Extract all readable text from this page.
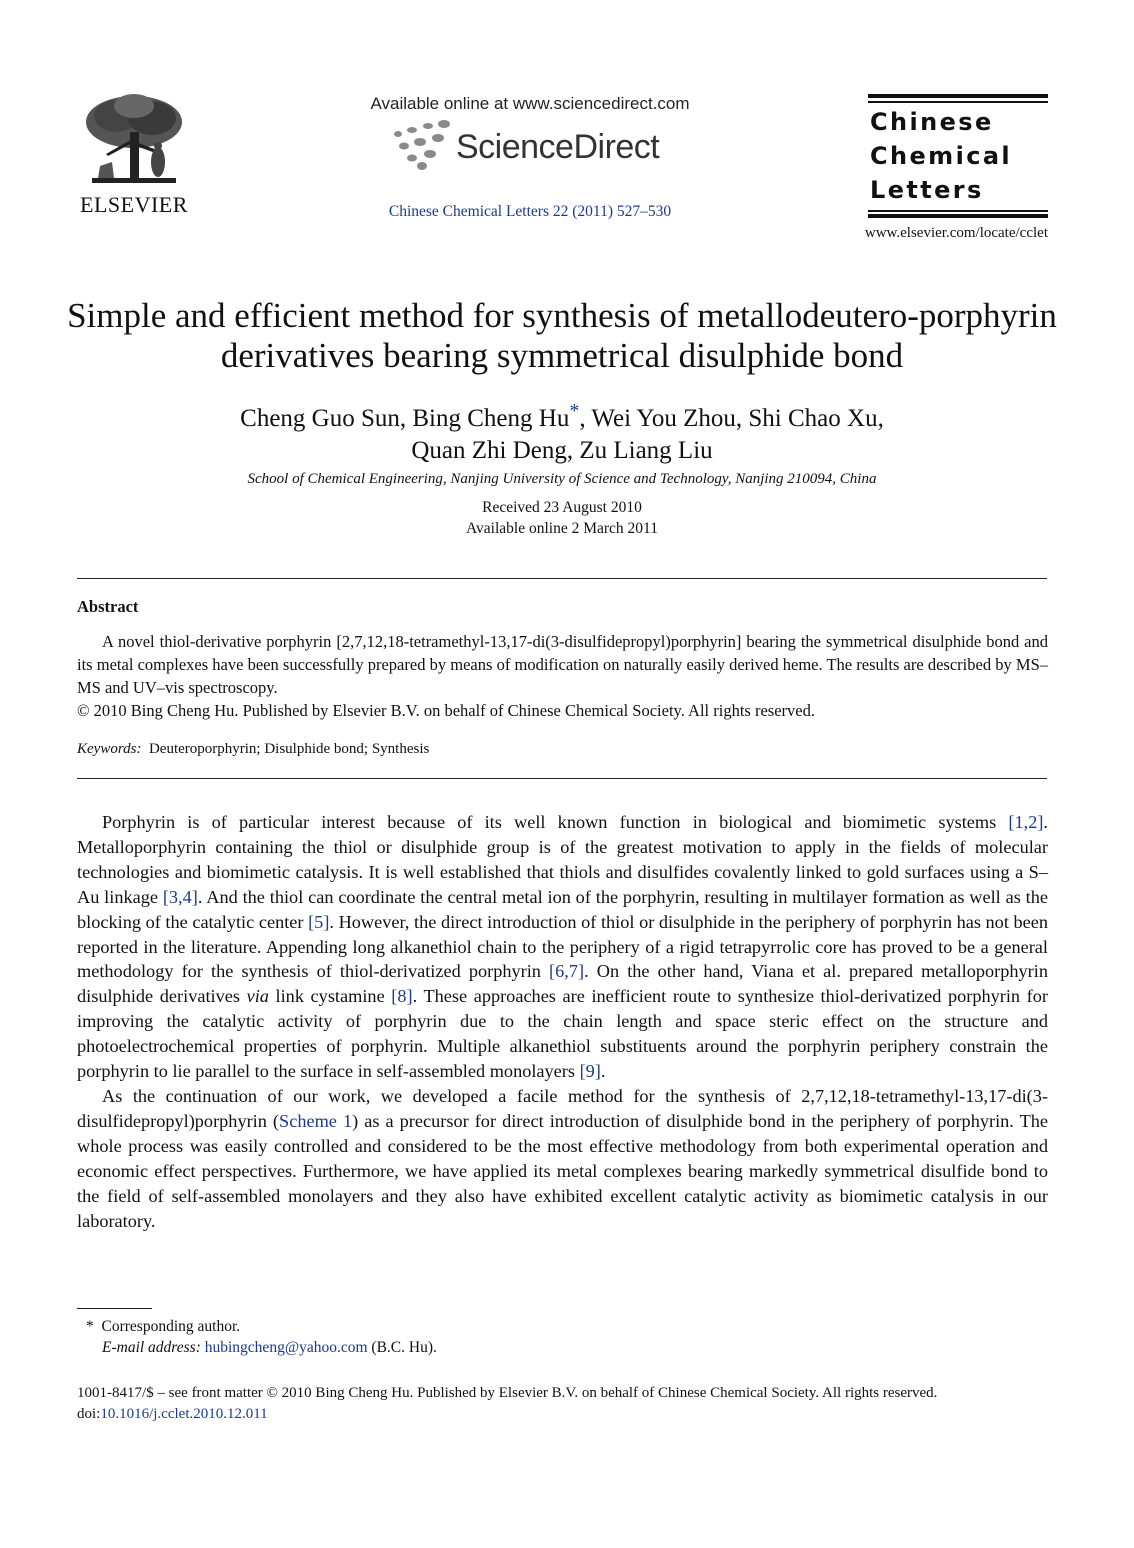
ELSEVIER
Available online at www.sciencedirect.com
ScienceDirect
Chinese Chemical Letters 22 (2011) 527–530
Chinese
Chemical
Letters
www.elsevier.com/locate/cclet
Simple and efficient method for synthesis of metallodeutero-porphyrin derivatives bearing symmetrical disulphide bond
Cheng Guo Sun, Bing Cheng Hu*, Wei You Zhou, Shi Chao Xu,
Quan Zhi Deng, Zu Liang Liu
School of Chemical Engineering, Nanjing University of Science and Technology, Nanjing 210094, China
Received 23 August 2010
Available online 2 March 2011
Abstract

A novel thiol-derivative porphyrin [2,7,12,18-tetramethyl-13,17-di(3-disulfidepropyl)porphyrin] bearing the symmetrical disulphide bond and its metal complexes have been successfully prepared by means of modification on naturally easily derived heme. The results are described by MS–MS and UV–vis spectroscopy.

© 2010 Bing Cheng Hu. Published by Elsevier B.V. on behalf of Chinese Chemical Society. All rights reserved.

Keywords: Deuteroporphyrin; Disulphide bond; Synthesis

Porphyrin is of particular interest because of its well known function in biological and biomimetic systems [1,2]. Metalloporphyrin containing the thiol or disulphide group is of the greatest motivation to apply in the fields of molecular technologies and biomimetic catalysis. It is well established that thiols and disulfides covalently linked to gold surfaces using a S–Au linkage [3,4]. And the thiol can coordinate the central metal ion of the porphyrin, resulting in multilayer formation as well as the blocking of the catalytic center [5]. However, the direct introduction of thiol or disulphide in the periphery of porphyrin has not been reported in the literature. Appending long alkanethiol chain to the periphery of a rigid tetrapyrrolic core has proved to be a general methodology for the synthesis of thiol-derivatized porphyrin [6,7]. On the other hand, Viana et al. prepared metalloporphyrin disulphide derivatives via link cystamine [8]. These approaches are inefficient route to synthesize thiol-derivatized porphyrin for improving the catalytic activity of porphyrin due to the chain length and space steric effect on the structure and photoelectrochemical properties of porphyrin. Multiple alkanethiol substituents around the porphyrin periphery constrain the porphyrin to lie parallel to the surface in self-assembled monolayers [9].

As the continuation of our work, we developed a facile method for the synthesis of 2,7,12,18-tetramethyl-13,17-di(3-disulfidepropyl)porphyrin (Scheme 1) as a precursor for direct introduction of disulphide bond in the periphery of porphyrin. The whole process was easily controlled and considered to be the most effective methodology from both experimental operation and economic effect perspectives. Furthermore, we have applied its metal complexes bearing markedly symmetrical disulfide bond to the field of self-assembled monolayers and they also have exhibited excellent catalytic activity as biomimetic catalysis in our laboratory.

* Corresponding author.
E-mail address: hubingcheng@yahoo.com (B.C. Hu).
1001-8417/$ – see front matter © 2010 Bing Cheng Hu. Published by Elsevier B.V. on behalf of Chinese Chemical Society. All rights reserved.
doi:10.1016/j.cclet.2010.12.011
